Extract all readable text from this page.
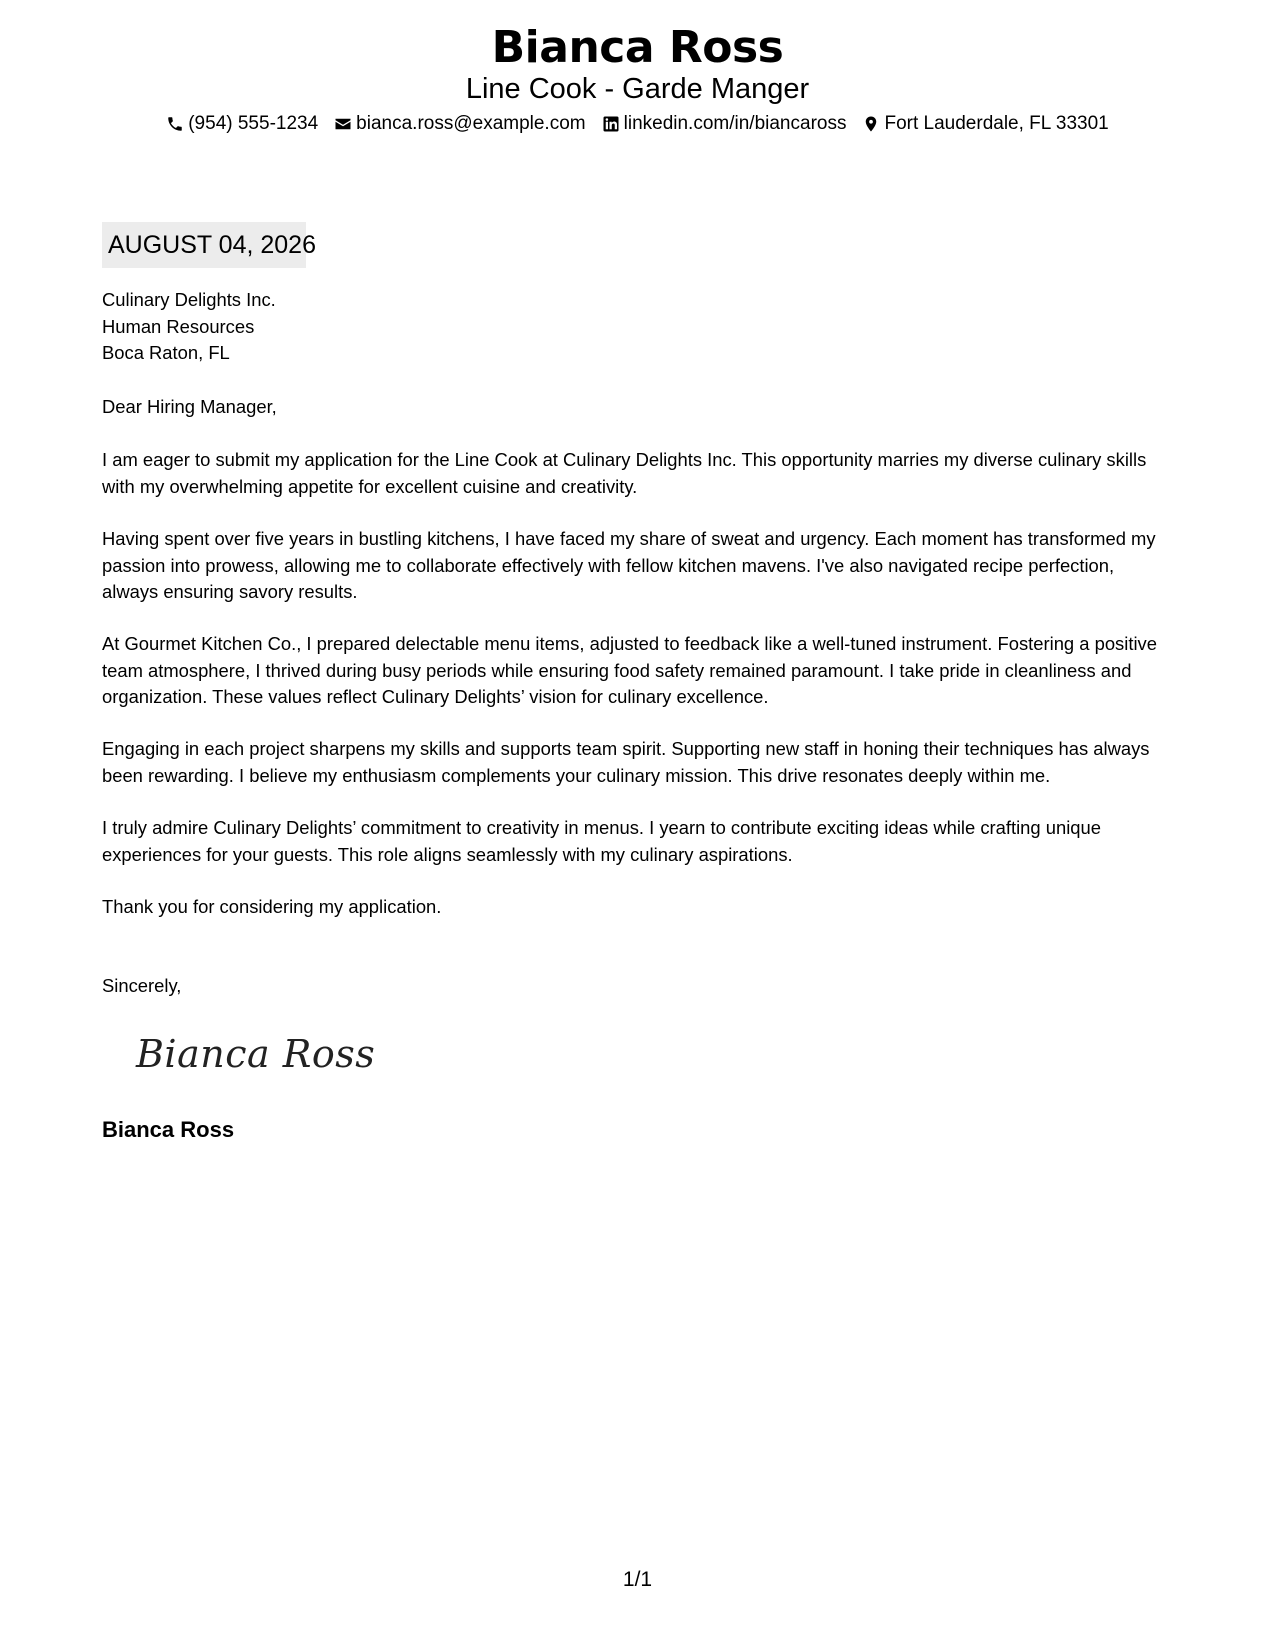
Bianca Ross
Line Cook - Garde Manger
(954) 555-1234 bianca.ross@example.com linkedin.com/in/biancaross Fort Lauderdale, FL 33301
AUGUST 04, 2026

Culinary Delights Inc.

Human Resources

Boca Raton, FL

Dear Hiring Manager,

I am eager to submit my application for the Line Cook at Culinary Delights Inc. This opportunity marries my diverse culinary skills with my overwhelming appetite for excellent cuisine and creativity.

Having spent over five years in bustling kitchens, I have faced my share of sweat and urgency. Each moment has transformed my passion into prowess, allowing me to collaborate effectively with fellow kitchen mavens. I've also navigated recipe perfection, always ensuring savory results.

At Gourmet Kitchen Co., I prepared delectable menu items, adjusted to feedback like a well-tuned instrument. Fostering a positive team atmosphere, I thrived during busy periods while ensuring food safety remained paramount. I take pride in cleanliness and organization. These values reflect Culinary Delights’ vision for culinary excellence.

Engaging in each project sharpens my skills and supports team spirit. Supporting new staff in honing their techniques has always been rewarding. I believe my enthusiasm complements your culinary mission. This drive resonates deeply within me.

I truly admire Culinary Delights’ commitment to creativity in menus. I yearn to contribute exciting ideas while crafting unique experiences for your guests. This role aligns seamlessly with my culinary aspirations.

Thank you for considering my application.

Sincerely,

Bianca Ross
Bianca Ross
1/1
